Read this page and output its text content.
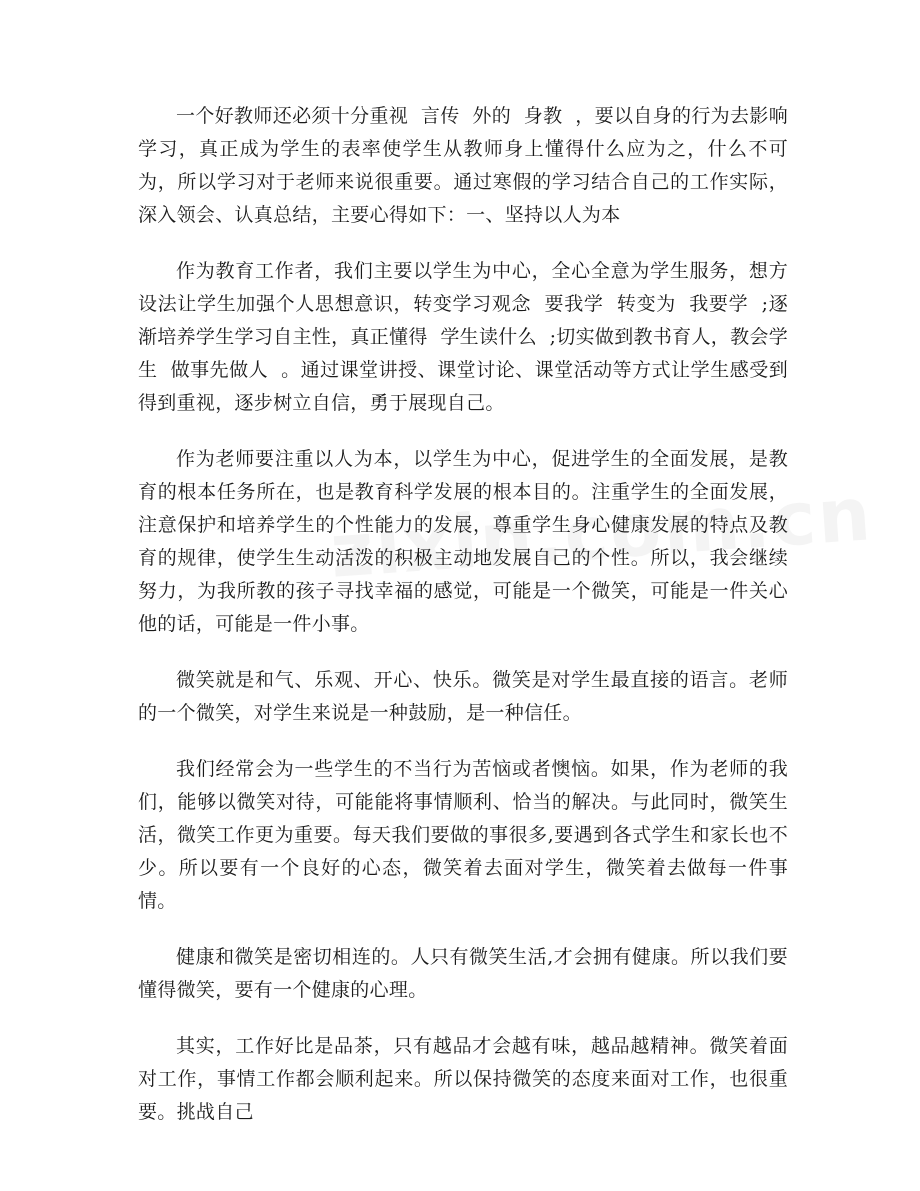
一个好教师还必须十分重视  言传  外的  身教  ，要以自身的行为去影响学习，真正成为学生的表率使学生从教师身上懂得什么应为之，什么不可为，所以学习对于老师来说很重要。通过寒假的学习结合自己的工作实际，深入领会、认真总结，主要心得如下：一、坚持以人为本

作为教育工作者，我们主要以学生为中心，全心全意为学生服务，想方设法让学生加强个人思想意识，转变学习观念  要我学  转变为  我要学  ;逐渐培养学生学习自主性，真正懂得  学生读什么  ;切实做到教书育人，教会学生  做事先做人  。通过课堂讲授、课堂讨论、课堂活动等方式让学生感受到得到重视，逐步树立自信，勇于展现自己。

作为老师要注重以人为本，以学生为中心，促进学生的全面发展，是教育的根本任务所在，也是教育科学发展的根本目的。注重学生的全面发展，注意保护和培养学生的个性能力的发展，尊重学生身心健康发展的特点及教育的规律，使学生生动活泼的积极主动地发展自己的个性。所以，我会继续努力，为我所教的孩子寻找幸福的感觉，可能是一个微笑，可能是一件关心他的话，可能是一件小事。

微笑就是和气、乐观、开心、快乐。微笑是对学生最直接的语言。老师的一个微笑，对学生来说是一种鼓励，是一种信任。

我们经常会为一些学生的不当行为苦恼或者懊恼。如果，作为老师的我们，能够以微笑对待，可能能将事情顺利、恰当的解决。与此同时，微笑生活，微笑工作更为重要。每天我们要做的事很多,要遇到各式学生和家长也不少。所以要有一个良好的心态，微笑着去面对学生，微笑着去做每一件事情。

健康和微笑是密切相连的。人只有微笑生活,才会拥有健康。所以我们要懂得微笑，要有一个健康的心理。

其实，工作好比是品茶，只有越品才会越有味，越品越精神。微笑着面对工作，事情工作都会顺利起来。所以保持微笑的态度来面对工作，也很重要。挑战自己
